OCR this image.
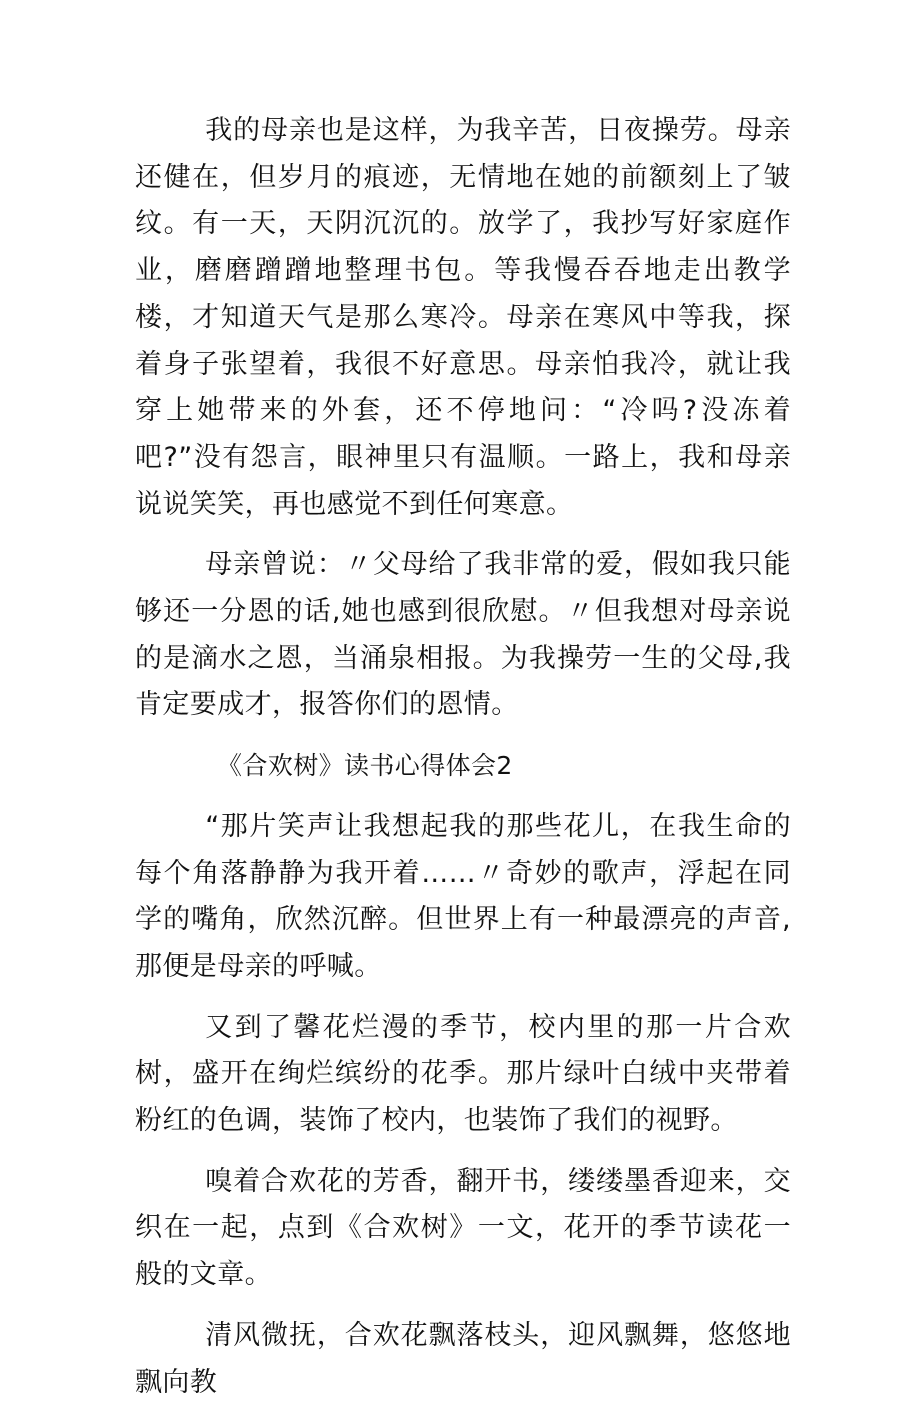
我的母亲也是这样，为我辛苦，日夜操劳。母亲还健在，但岁月的痕迹，无情地在她的前额刻上了皱纹。有一天，天阴沉沉的。放学了，我抄写好家庭作业，磨磨蹭蹭地整理书包。等我慢吞吞地走出教学楼，才知道天气是那么寒冷。母亲在寒风中等我，探着身子张望着，我很不好意思。母亲怕我冷，就让我穿上她带来的外套，还不停地问：“冷吗?没冻着吧?”没有怨言，眼神里只有温顺。一路上，我和母亲说说笑笑，再也感觉不到任何寒意。

母亲曾说：〃父母给了我非常的爱，假如我只能够还一分恩的话,她也感到很欣慰。〃但我想对母亲说的是滴水之恩，当涌泉相报。为我操劳一生的父母,我肯定要成才，报答你们的恩情。

《合欢树》读书心得体会2

“那片笑声让我想起我的那些花儿，在我生命的每个角落静静为我开着……〃奇妙的歌声，浮起在同学的嘴角，欣然沉醉。但世界上有一种最漂亮的声音,那便是母亲的呼喊。

又到了馨花烂漫的季节，校内里的那一片合欢树，盛开在绚烂缤纷的花季。那片绿叶白绒中夹带着粉红的色调，装饰了校内，也装饰了我们的视野。

嗅着合欢花的芳香，翻开书，缕缕墨香迎来，交织在一起，点到《合欢树》一文，花开的季节读花一般的文章。

清风微抚，合欢花飘落枝头，迎风飘舞，悠悠地飘向教
